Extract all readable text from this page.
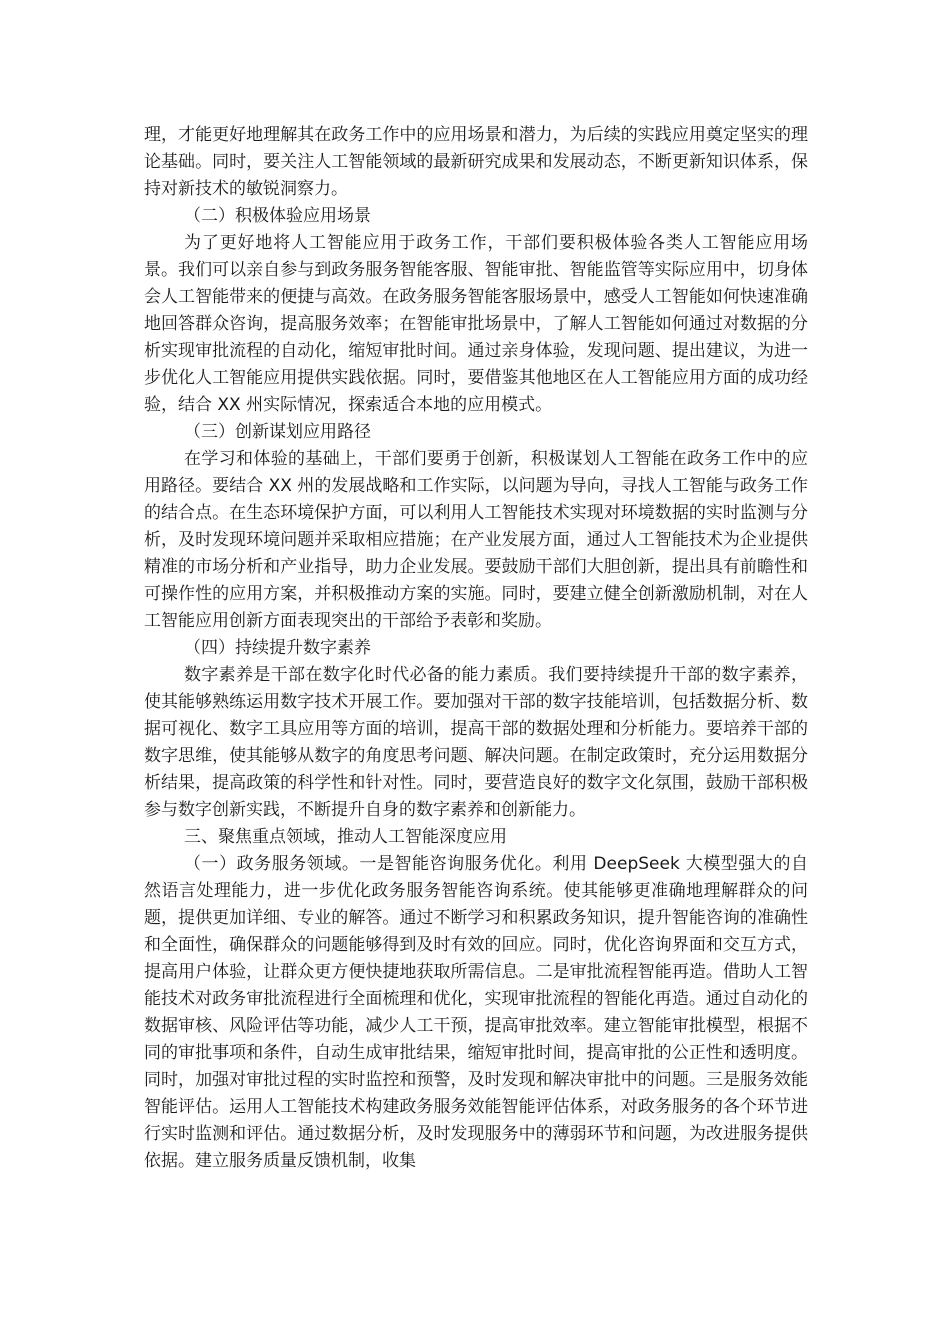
理，才能更好地理解其在政务工作中的应用场景和潜力，为后续的实践应用奠定坚实的理论基础。同时，要关注人工智能领域的最新研究成果和发展动态，不断更新知识体系，保持对新技术的敏锐洞察力。

（二）积极体验应用场景

为了更好地将人工智能应用于政务工作，干部们要积极体验各类人工智能应用场景。我们可以亲自参与到政务服务智能客服、智能审批、智能监管等实际应用中，切身体会人工智能带来的便捷与高效。在政务服务智能客服场景中，感受人工智能如何快速准确地回答群众咨询，提高服务效率；在智能审批场景中，了解人工智能如何通过对数据的分析实现审批流程的自动化，缩短审批时间。通过亲身体验，发现问题、提出建议，为进一步优化人工智能应用提供实践依据。同时，要借鉴其他地区在人工智能应用方面的成功经验，结合 XX 州实际情况，探索适合本地的应用模式。

（三）创新谋划应用路径

在学习和体验的基础上，干部们要勇于创新，积极谋划人工智能在政务工作中的应用路径。要结合 XX 州的发展战略和工作实际，以问题为导向，寻找人工智能与政务工作的结合点。在生态环境保护方面，可以利用人工智能技术实现对环境数据的实时监测与分析，及时发现环境问题并采取相应措施；在产业发展方面，通过人工智能技术为企业提供精准的市场分析和产业指导，助力企业发展。要鼓励干部们大胆创新，提出具有前瞻性和可操作性的应用方案，并积极推动方案的实施。同时，要建立健全创新激励机制，对在人工智能应用创新方面表现突出的干部给予表彰和奖励。

（四）持续提升数字素养

数字素养是干部在数字化时代必备的能力素质。我们要持续提升干部的数字素养，使其能够熟练运用数字技术开展工作。要加强对干部的数字技能培训，包括数据分析、数据可视化、数字工具应用等方面的培训，提高干部的数据处理和分析能力。要培养干部的数字思维，使其能够从数字的角度思考问题、解决问题。在制定政策时，充分运用数据分析结果，提高政策的科学性和针对性。同时，要营造良好的数字文化氛围，鼓励干部积极参与数字创新实践，不断提升自身的数字素养和创新能力。

三、聚焦重点领域，推动人工智能深度应用

（一）政务服务领域。一是智能咨询服务优化。利用 DeepSeek 大模型强大的自然语言处理能力，进一步优化政务服务智能咨询系统。使其能够更准确地理解群众的问题，提供更加详细、专业的解答。通过不断学习和积累政务知识，提升智能咨询的准确性和全面性，确保群众的问题能够得到及时有效的回应。同时，优化咨询界面和交互方式，提高用户体验，让群众更方便快捷地获取所需信息。二是审批流程智能再造。借助人工智能技术对政务审批流程进行全面梳理和优化，实现审批流程的智能化再造。通过自动化的数据审核、风险评估等功能，减少人工干预，提高审批效率。建立智能审批模型，根据不同的审批事项和条件，自动生成审批结果，缩短审批时间，提高审批的公正性和透明度。同时，加强对审批过程的实时监控和预警，及时发现和解决审批中的问题。三是服务效能智能评估。运用人工智能技术构建政务服务效能智能评估体系，对政务服务的各个环节进行实时监测和评估。通过数据分析，及时发现服务中的薄弱环节和问题，为改进服务提供依据。建立服务质量反馈机制，收集
